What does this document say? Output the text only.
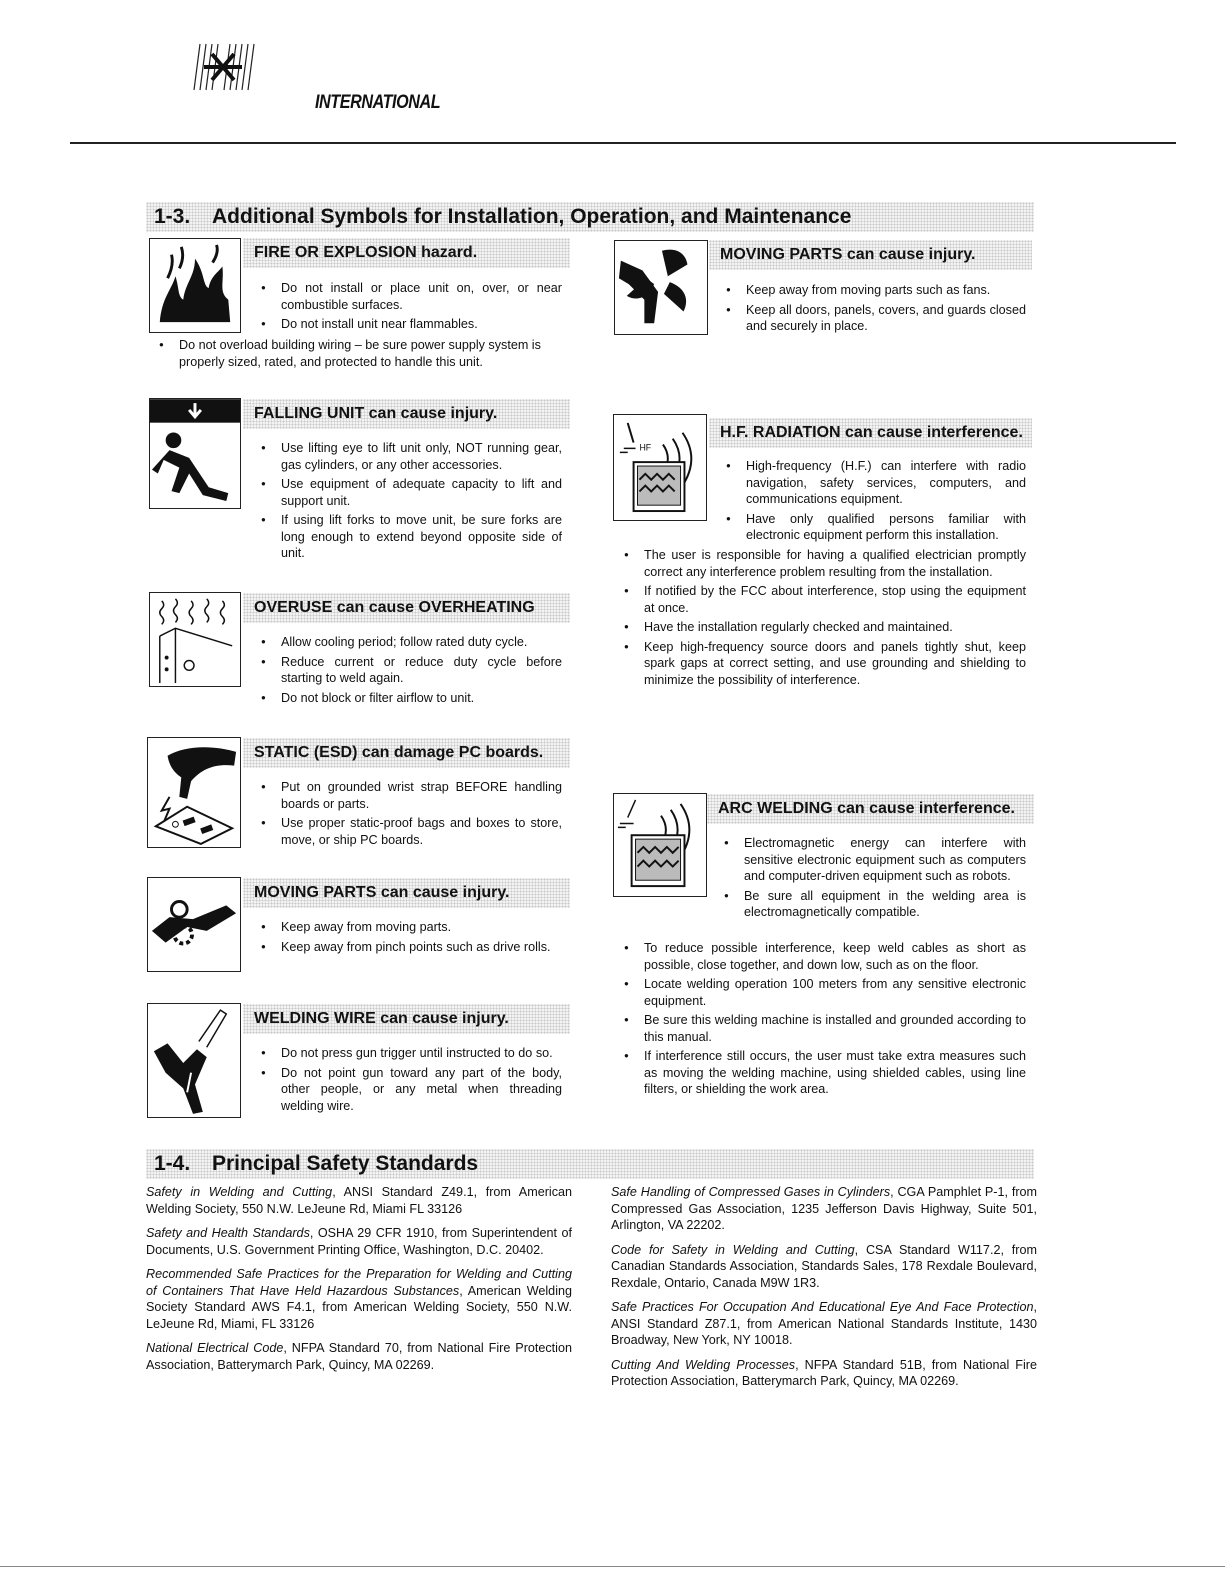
INTERNATIONAL
1-3. Additional Symbols for Installation, Operation, and Maintenance
FIRE OR EXPLOSION hazard.
● Do not install or place unit on, over, or near combustible surfaces.
● Do not install unit near flammables.
● Do not overload building wiring – be sure power supply system is properly sized, rated, and protected to handle this unit.
FALLING UNIT can cause injury.
● Use lifting eye to lift unit only, NOT running gear, gas cylinders, or any other accessories.
● Use equipment of adequate capacity to lift and support unit.
● If using lift forks to move unit, be sure forks are long enough to extend beyond opposite side of unit.
OVERUSE can cause OVERHEATING
● Allow cooling period; follow rated duty cycle.
● Reduce current or reduce duty cycle before starting to weld again.
● Do not block or filter airflow to unit.
STATIC (ESD) can damage PC boards.
● Put on grounded wrist strap BEFORE handling boards or parts.
● Use proper static-proof bags and boxes to store, move, or ship PC boards.
MOVING PARTS can cause injury.
● Keep away from moving parts.
● Keep away from pinch points such as drive rolls.
WELDING WIRE can cause injury.
● Do not press gun trigger until instructed to do so.
● Do not point gun toward any part of the body, other people, or any metal when threading welding wire.
MOVING PARTS can cause injury.
● Keep away from moving parts such as fans.
● Keep all doors, panels, covers, and guards closed and securely in place.
HF
H.F. RADIATION can cause interference.
● High-frequency (H.F.) can interfere with radio navigation, safety services, computers, and communications equipment.
● Have only qualified persons familiar with electronic equipment perform this installation.
● The user is responsible for having a qualified electrician promptly correct any interference problem resulting from the installation.
● If notified by the FCC about interference, stop using the equipment at once.
● Have the installation regularly checked and maintained.
● Keep high-frequency source doors and panels tightly shut, keep spark gaps at correct setting, and use grounding and shielding to minimize the possibility of interference.
ARC WELDING can cause interference.
● Electromagnetic energy can interfere with sensitive electronic equipment such as computers and computer-driven equipment such as robots.
● Be sure all equipment in the welding area is electromagnetically compatible.
● To reduce possible interference, keep weld cables as short as possible, close together, and down low, such as on the floor.
● Locate welding operation 100 meters from any sensitive electronic equipment.
● Be sure this welding machine is installed and grounded according to this manual.
● If interference still occurs, the user must take extra measures such as moving the welding machine, using shielded cables, using line filters, or shielding the work area.
1-4. Principal Safety Standards

Safety in Welding and Cutting, ANSI Standard Z49.1, from American Welding Society, 550 N.W. LeJeune Rd, Miami FL 33126

Safety and Health Standards, OSHA 29 CFR 1910, from Superintendent of Documents, U.S. Government Printing Office, Washington, D.C. 20402.

Recommended Safe Practices for the Preparation for Welding and Cutting of Containers That Have Held Hazardous Substances, American Welding Society Standard AWS F4.1, from American Welding Society, 550 N.W. LeJeune Rd, Miami, FL 33126

National Electrical Code, NFPA Standard 70, from National Fire Protection Association, Batterymarch Park, Quincy, MA 02269.

Safe Handling of Compressed Gases in Cylinders, CGA Pamphlet P-1, from Compressed Gas Association, 1235 Jefferson Davis Highway, Suite 501, Arlington, VA 22202.

Code for Safety in Welding and Cutting, CSA Standard W117.2, from Canadian Standards Association, Standards Sales, 178 Rexdale Boulevard, Rexdale, Ontario, Canada M9W 1R3.

Safe Practices For Occupation And Educational Eye And Face Protection, ANSI Standard Z87.1, from American National Standards Institute, 1430 Broadway, New York, NY 10018.

Cutting And Welding Processes, NFPA Standard 51B, from National Fire Protection Association, Batterymarch Park, Quincy, MA 02269.
